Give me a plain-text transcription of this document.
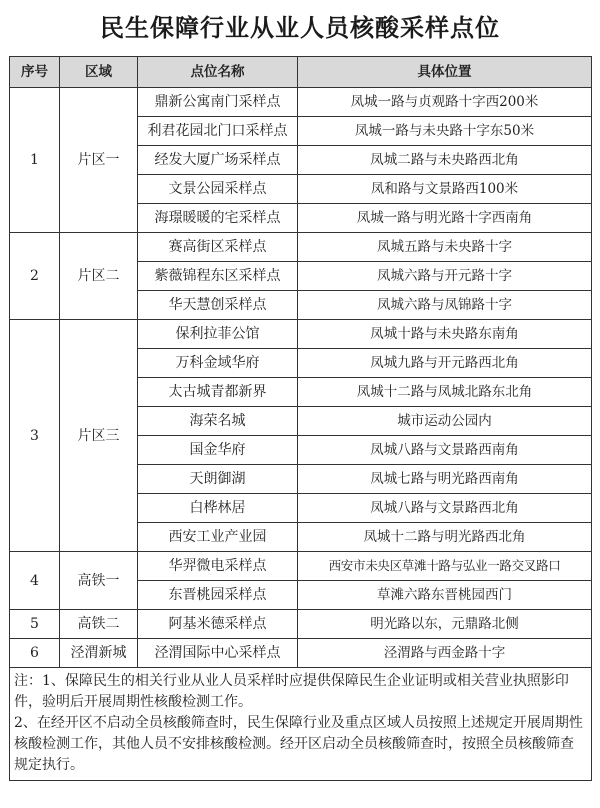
民生保障行业从业人员核酸采样点位
序号	区域	点位名称	具体位置
1	片区一	鼎新公寓南门采样点	凤城一路与贞观路十字西200米
		利君花园北门口采样点	凤城一路与未央路十字东50米
		经发大厦广场采样点	凤城二路与未央路西北角
		文景公园采样点	凤和路与文景路西100米
		海璟暖暖的宅采样点	凤城一路与明光路十字西南角
2	片区二	赛高街区采样点	凤城五路与未央路十字
		紫薇锦程东区采样点	凤城六路与开元路十字
		华天慧创采样点	凤城六路与凤锦路十字
3	片区三	保利拉菲公馆	凤城十路与未央路东南角
		万科金域华府	凤城九路与开元路西北角
		太古城青都新界	凤城十二路与凤城北路东北角
		海荣名城	城市运动公园内
		国金华府	凤城八路与文景路西南角
		天朗御湖	凤城七路与明光路西南角
		白桦林居	凤城八路与文景路西北角
		西安工业产业园	凤城十二路与明光路西北角
4	高铁一	华羿微电采样点	西安市未央区草滩十路与弘业一路交叉路口
		东晋桃园采样点	草滩六路东晋桃园西门
5	高铁二	阿基米德采样点	明光路以东，元鼎路北侧
6	泾渭新城	泾渭国际中心采样点	泾渭路与西金路十字

注：1、保障民生的相关行业从业人员采样时应提供保障民生企业证明或相关营业执照影印件，验明后开展周期性核酸检测工作。

2、在经开区不启动全员核酸筛查时，民生保障行业及重点区域人员按照上述规定开展周期性核酸检测工作，其他人员不安排核酸检测。经开区启动全员核酸筛查时，按照全员核酸筛查规定执行。			
